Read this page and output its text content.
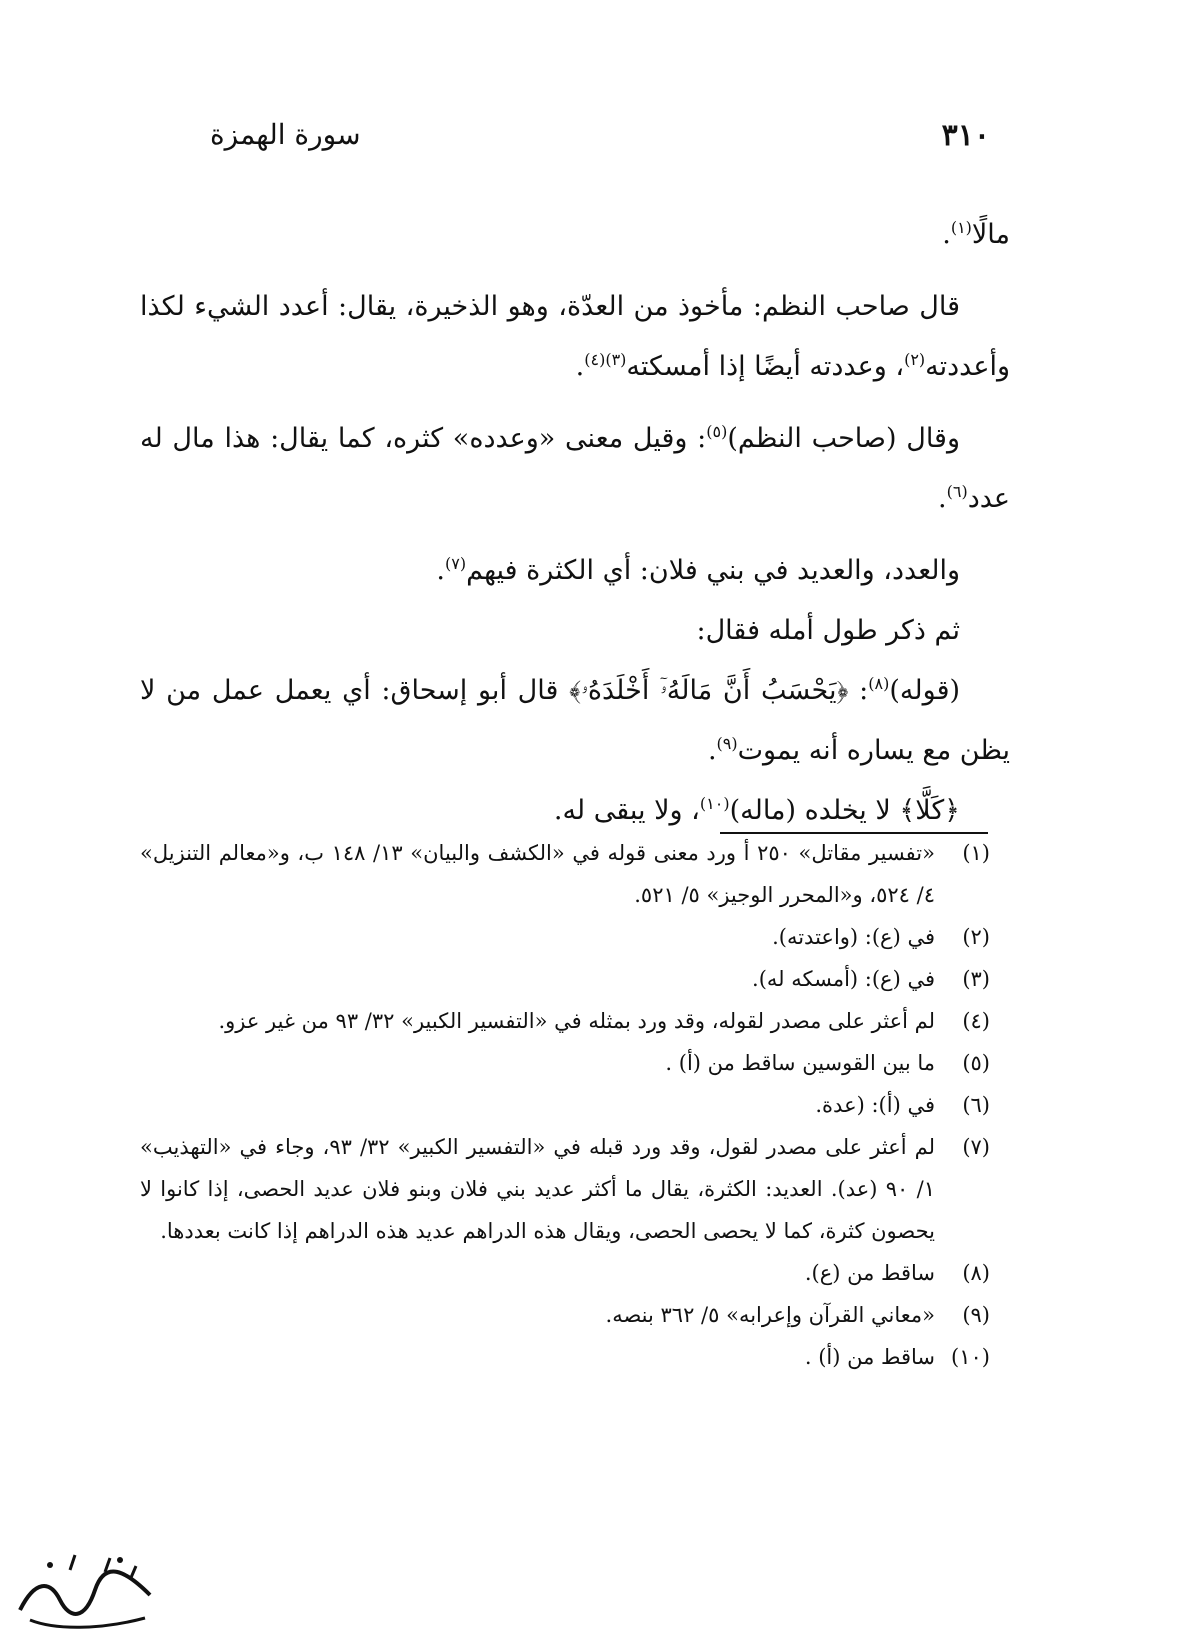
٣١٠
سورة الهمزة

مالًا$^{(١)}$.

قال صاحب النظم: مأخوذ من العدّة، وهو الذخيرة، يقال: أعدد الشيء لكذا وأعددته$^{(٢)}$، وعددته أيضًا إذا أمسكته$^{(٣)(٤)}$.

وقال (صاحب النظم)$^{(٥)}$: وقيل معنى «وعدده» كثره، كما يقال: هذا مال له عدد$^{(٦)}$.

والعدد، والعديد في بني فلان: أي الكثرة فيهم$^{(٧)}$.

ثم ذكر طول أمله فقال:

(قوله)$^{(٨)}$: ﴿يَحْسَبُ أَنَّ مَالَهُۥٓ أَخْلَدَهُۥ﴾ قال أبو إسحاق: أي يعمل عمل من لا يظن مع يساره أنه يموت$^{(٩)}$.

﴿كَلَّا﴾ لا يخلده (ماله)$^{(١٠)}$، ولا يبقى له.

(١)
«تفسير مقاتل» ٢٥٠ أ ورد معنى قوله في «الكشف والبيان» ١٣/ ١٤٨ ب، و«معالم التنزيل» ٤/ ٥٢٤، و«المحرر الوجيز» ٥/ ٥٢١.
(٢)
في (ع): (واعتدته).
(٣)
في (ع): (أمسكه له).
(٤)
لم أعثر على مصدر لقوله، وقد ورد بمثله في «التفسير الكبير» ٣٢/ ٩٣ من غير عزو.
(٥)
ما بين القوسين ساقط من (أ) .
(٦)
في (أ): (عدة.
(٧)
لم أعثر على مصدر لقول، وقد ورد قبله في «التفسير الكبير» ٣٢/ ٩٣، وجاء في «التهذيب» ١/ ٩٠ (عد). العديد: الكثرة، يقال ما أكثر عديد بني فلان وبنو فلان عديد الحصى، إذا كانوا لا يحصون كثرة، كما لا يحصى الحصى، ويقال هذه الدراهم عديد هذه الدراهم إذا كانت بعددها.
(٨)
ساقط من (ع).
(٩)
«معاني القرآن وإعرابه» ٥/ ٣٦٢ بنصه.
(١٠)
ساقط من (أ) .
